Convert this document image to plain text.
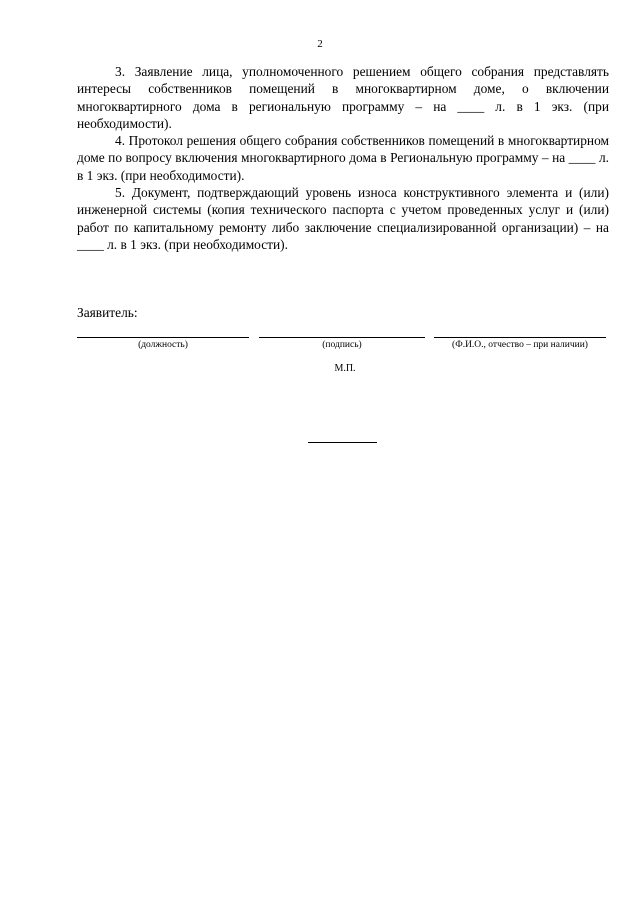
2

3. Заявление лица, уполномоченного решением общего собрания представлять интересы собственников помещений в многоквартирном доме, о включении многоквартирного дома в региональную программу – на ____ л. в 1 экз. (при необходимости).

4. Протокол решения общего собрания собственников помещений в многоквартирном доме по вопросу включения многоквартирного дома в Региональную программу – на ____ л. в 1 экз. (при необходимости).

5. Документ, подтверждающий уровень износа конструктивного элемента и (или) инженерной системы (копия технического паспорта с учетом проведенных услуг и (или) работ по капитальному ремонту либо заключение специализированной организации) – на ____ л. в 1 экз. (при необходимости).

Заявитель:
(должность)	(подпись)	(Ф.И.О., отчество – при наличии)
М.П.
